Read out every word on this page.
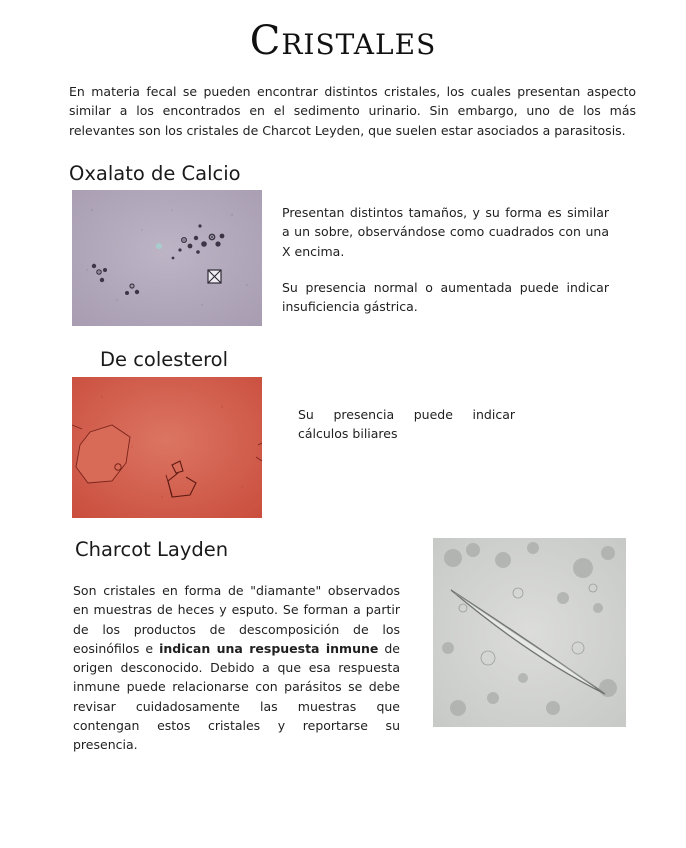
Cristales
En materia fecal se pueden encontrar distintos cristales, los cuales presentan aspecto similar a los encontrados en el sedimento urinario. Sin embargo, uno de los más relevantes son los cristales de Charcot Leyden, que suelen estar asociados a parasitosis.
Oxalato de Calcio
Presentan distintos tamaños, y su forma es similar a un sobre, observándose como cuadrados con una X encima.
Su presencia normal o aumentada puede indicar insuficiencia gástrica.
De colesterol
Su presencia puede indicar cálculos biliares
Charcot Layden
Son cristales en forma de "diamante" observados en muestras de heces y esputo. Se forman a partir de los productos de descomposición de los eosinófilos e indican una respuesta inmune de origen desconocido. Debido a que esa respuesta inmune puede relacionarse con parásitos se debe revisar cuidadosamente las muestras que contengan estos cristales y reportarse su presencia.
